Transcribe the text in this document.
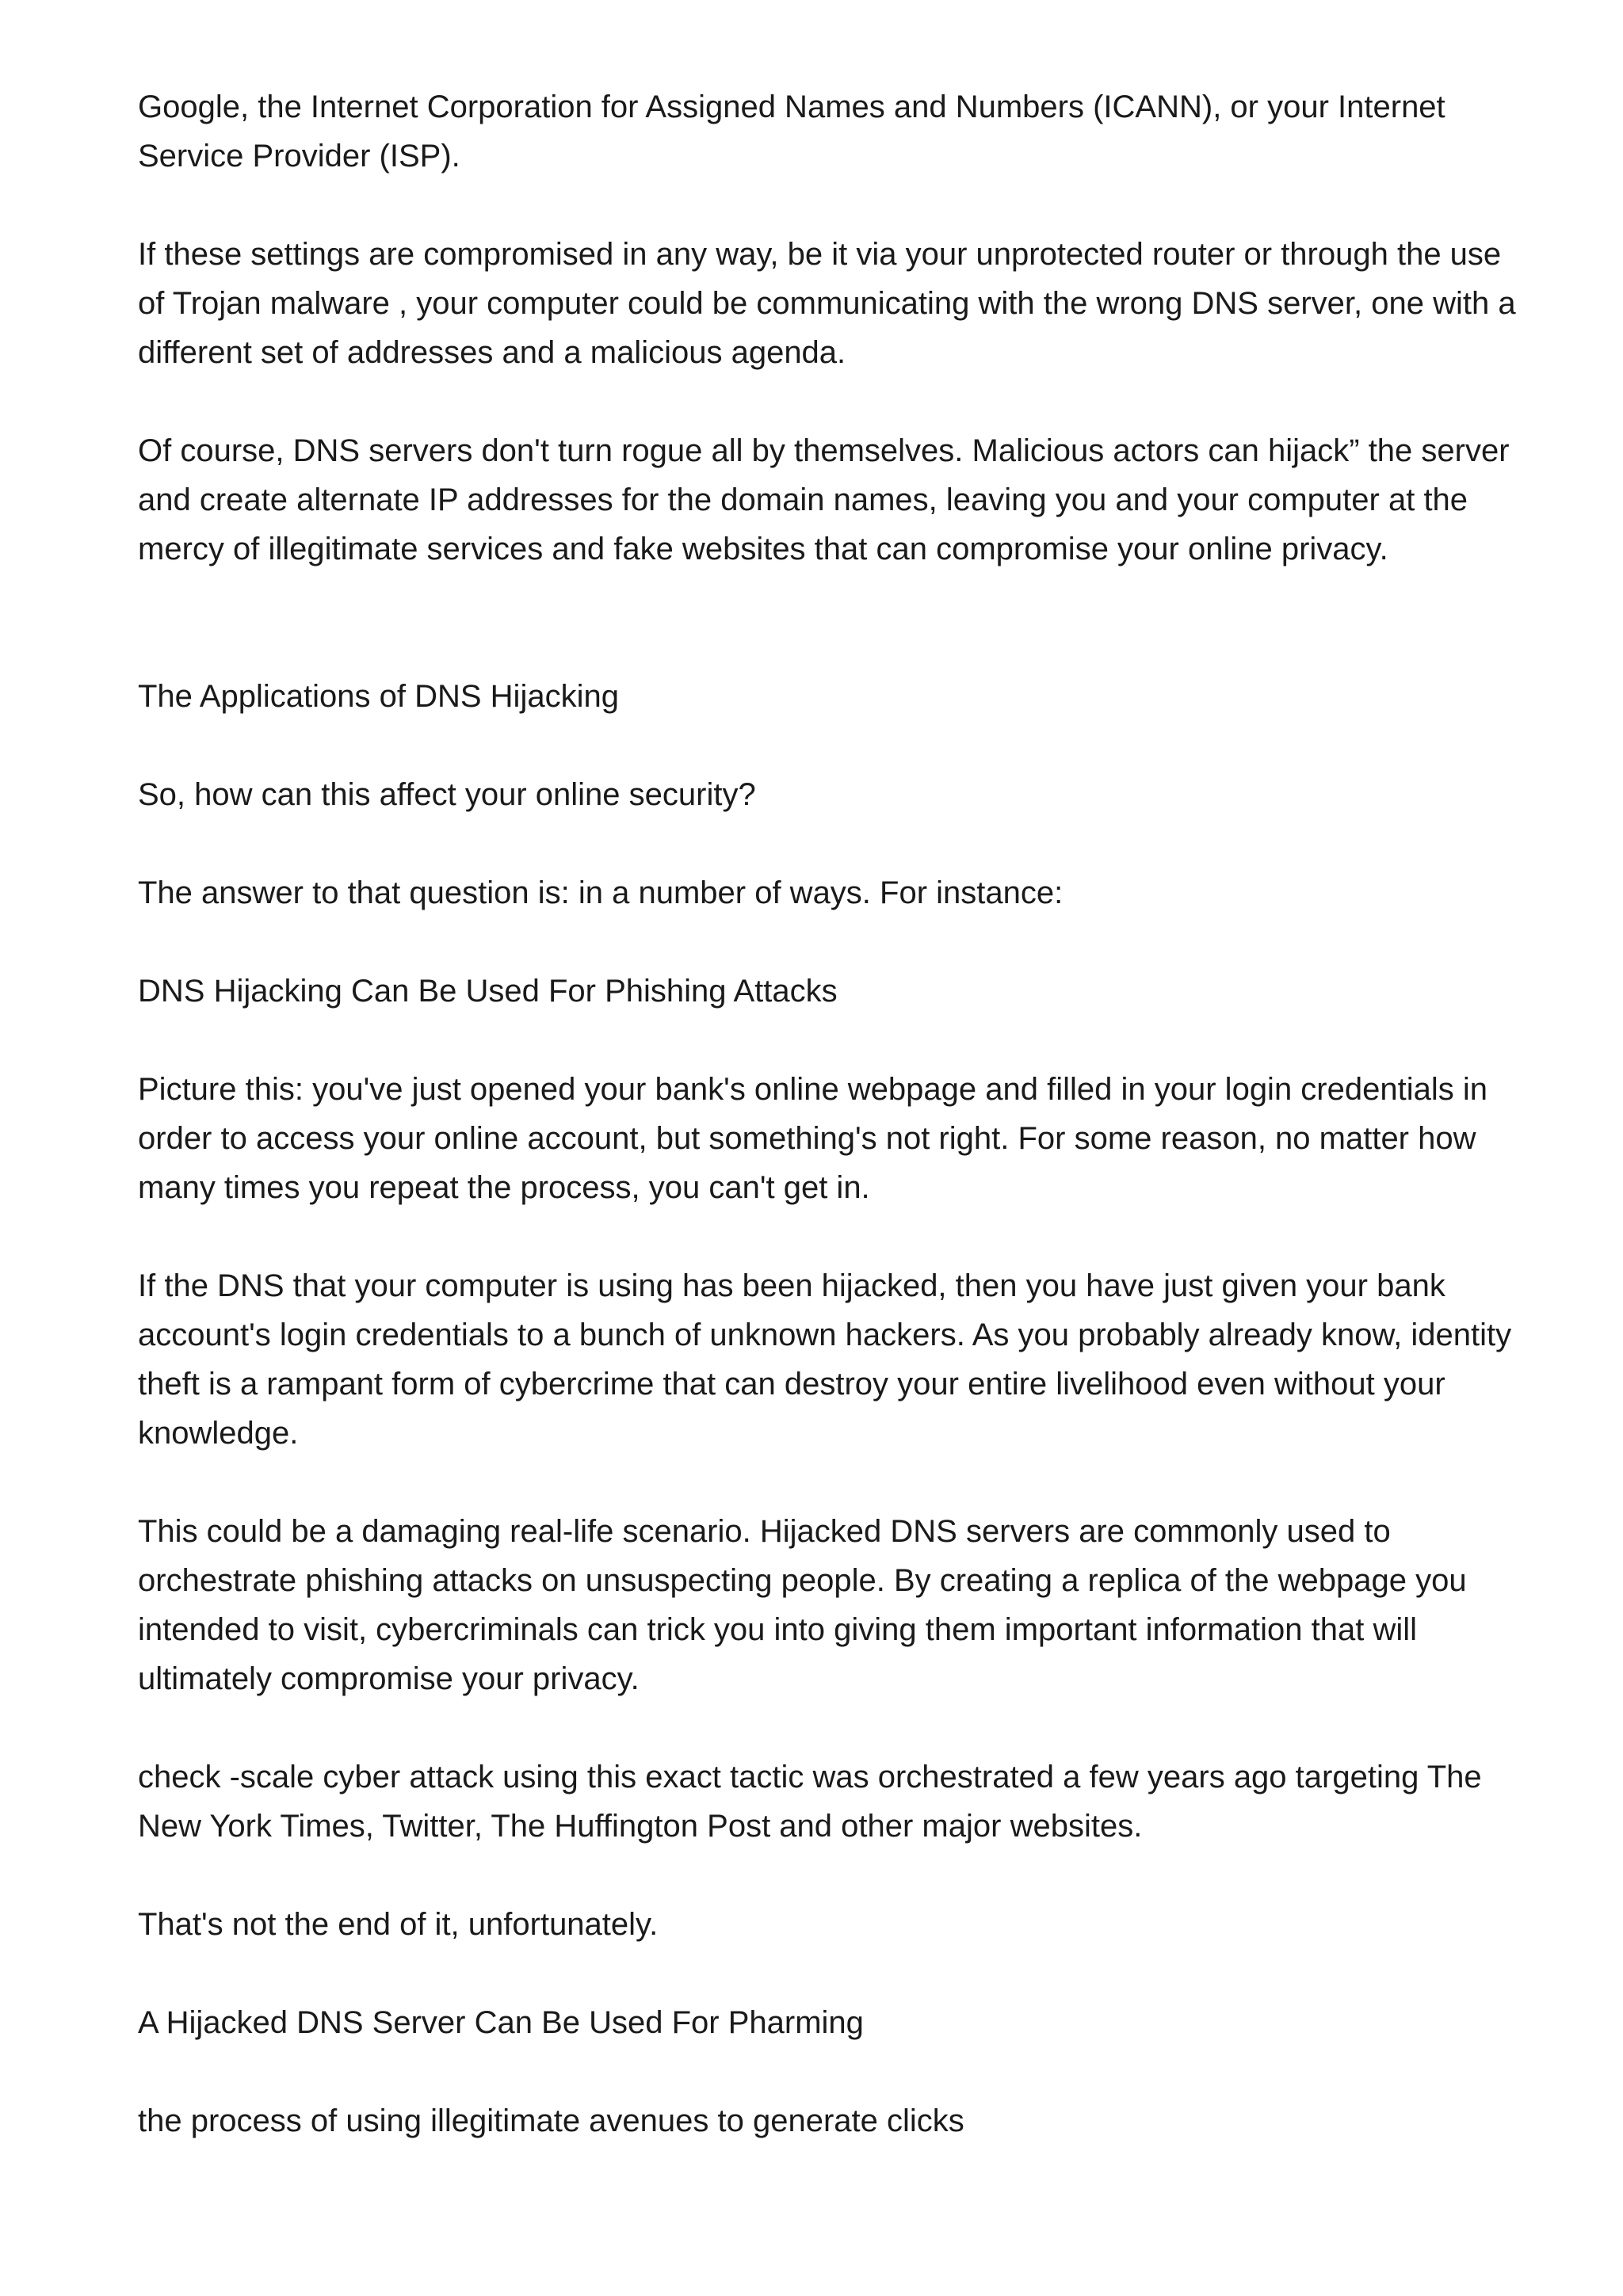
Google, the Internet Corporation for Assigned Names and Numbers (ICANN), or your Internet Service Provider (ISP).

If these settings are compromised in any way, be it via your unprotected router or through the use of Trojan malware , your computer could be communicating with the wrong DNS server, one with a different set of addresses and a malicious agenda.

Of course, DNS servers don't turn rogue all by themselves. Malicious actors can hijack” the server and create alternate IP addresses for the domain names, leaving you and your computer at the mercy of illegitimate services and fake websites that can compromise your online privacy.

The Applications of DNS Hijacking

So, how can this affect your online security?

The answer to that question is: in a number of ways. For instance:

DNS Hijacking Can Be Used For Phishing Attacks

Picture this: you've just opened your bank's online webpage and filled in your login credentials in order to access your online account, but something's not right. For some reason, no matter how many times you repeat the process, you can't get in.

If the DNS that your computer is using has been hijacked, then you have just given your bank account's login credentials to a bunch of unknown hackers. As you probably already know, identity theft is a rampant form of cybercrime that can destroy your entire livelihood even without your knowledge.

This could be a damaging real-life scenario. Hijacked DNS servers are commonly used to orchestrate phishing attacks on unsuspecting people. By creating a replica of the webpage you intended to visit, cybercriminals can trick you into giving them important information that will ultimately compromise your privacy.

check -scale cyber attack using this exact tactic was orchestrated a few years ago targeting The New York Times, Twitter, The Huffington Post and other major websites.

That's not the end of it, unfortunately.

A Hijacked DNS Server Can Be Used For Pharming

the process of using illegitimate avenues to generate clicks
